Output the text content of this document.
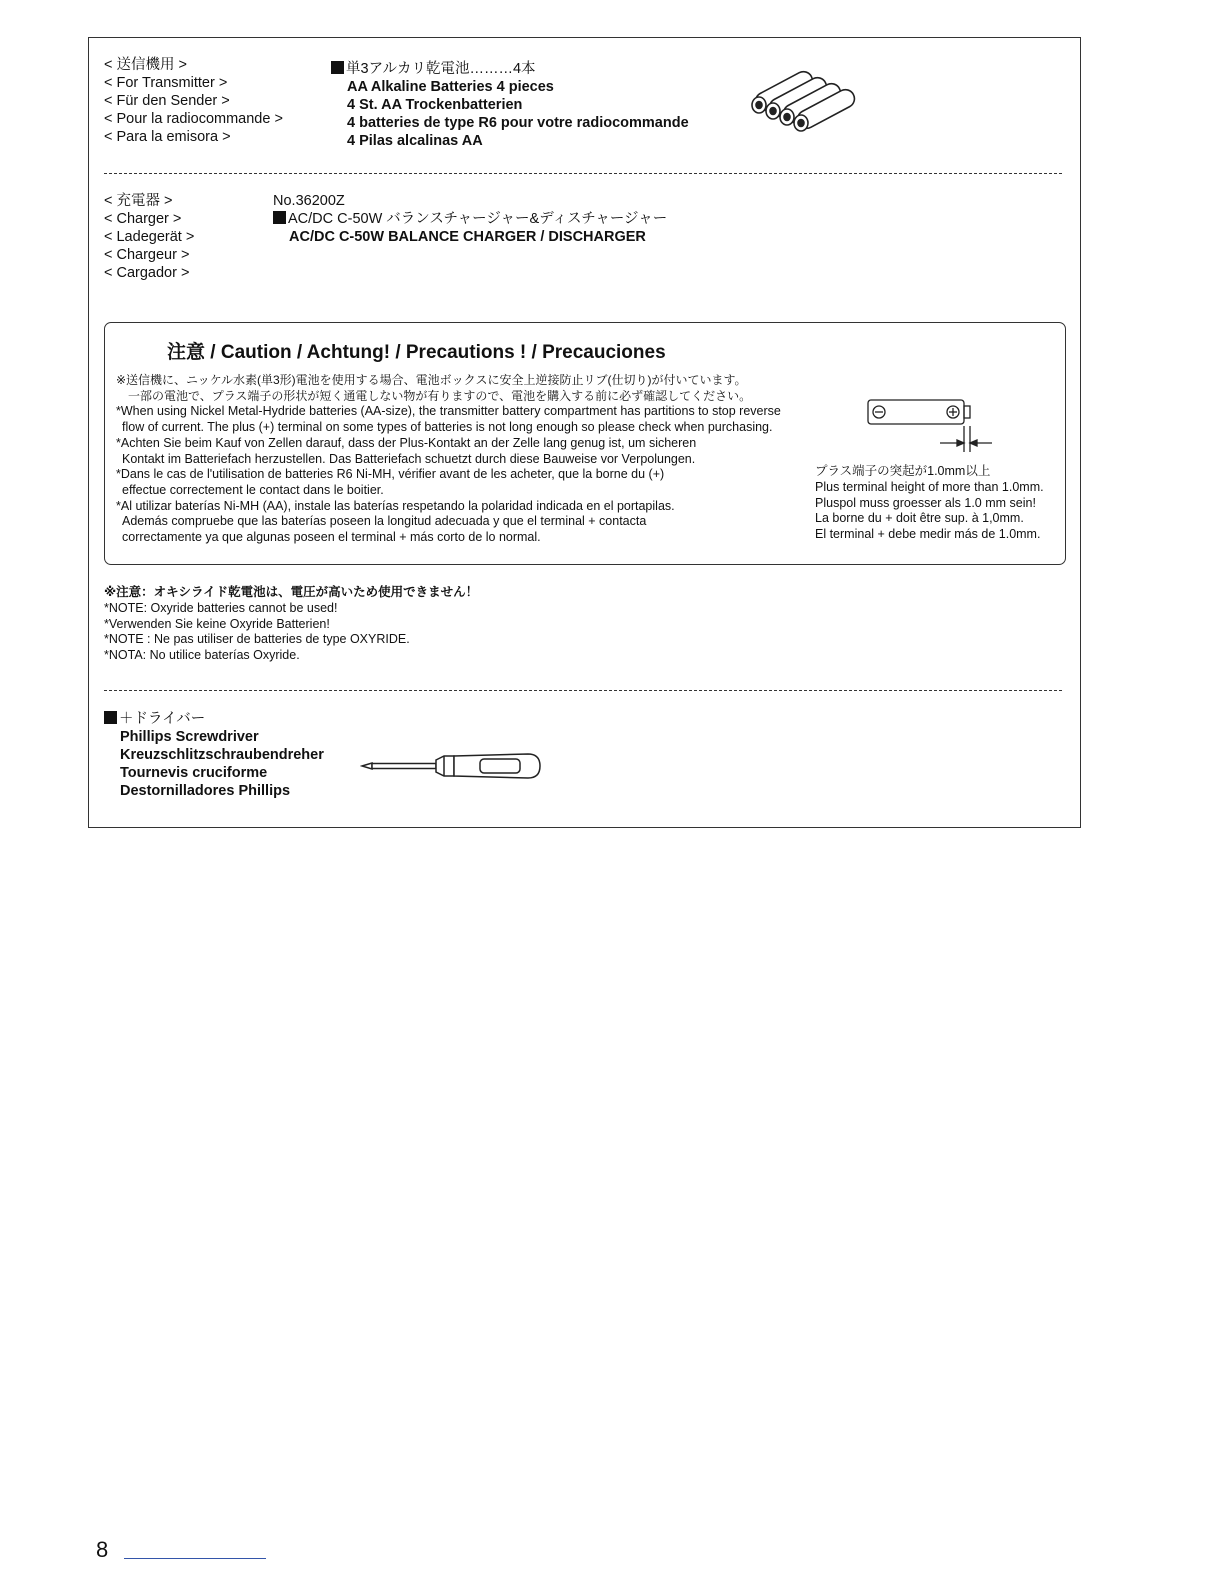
< 送信機用 >

< For Transmitter >

< Für den Sender >

< Pour la radiocommande >

< Para la emisora >

単3アルカリ乾電池………4本

AA Alkaline Batteries 4 pieces

4 St. AA Trockenbatterien

4 batteries de type R6 pour votre radiocommande

4 Pilas alcalinas AA

< 充電器 >

< Charger >

< Ladegerät >

< Chargeur >

< Cargador >

No.36200Z

AC/DC C-50W バランスチャージャー&ディスチャージャー

AC/DC C-50W BALANCE CHARGER / DISCHARGER

注意 / Caution / Achtung! / Precautions ! / Precauciones

※送信機に、ニッケル水素(単3形)電池を使用する場合、電池ボックスに安全上逆接防止リブ(仕切り)が付いています。

　一部の電池で、プラス端子の形状が短く通電しない物が有りますので、電池を購入する前に必ず確認してください。

*When using Nickel Metal-Hydride batteries (AA-size), the transmitter battery compartment has partitions to stop reverse

flow of current. The plus (+) terminal on some types of batteries is not long enough so please check when purchasing.

*Achten Sie beim Kauf von Zellen darauf, dass der Plus-Kontakt an der Zelle lang genug ist, um sicheren

Kontakt im Batteriefach herzustellen. Das Batteriefach schuetzt durch diese Bauweise vor Verpolungen.

*Dans le cas de l'utilisation de batteries R6 Ni-MH, vérifier avant de les acheter, que la borne du (+)

effectue correctement le contact dans le boitier.

*Al utilizar baterías Ni-MH (AA), instale las baterías respetando la polaridad indicada en el portapilas.

Además compruebe que las baterías poseen la longitud adecuada y que el terminal + contacta

correctamente ya que algunas poseen el terminal + más corto de lo normal.

プラス端子の突起が1.0mm以上

Plus terminal height of more than 1.0mm.

Pluspol muss groesser als 1.0 mm sein!

La borne du + doit être sup. à 1,0mm.

El terminal + debe medir más de 1.0mm.

※注意：オキシライド乾電池は、電圧が高いため使用できません！

*NOTE: Oxyride batteries cannot be used!

*Verwenden Sie keine Oxyride Batterien!

*NOTE : Ne pas utiliser de batteries de type OXYRIDE.

*NOTA: No utilice baterías Oxyride.

＋ドライバー

Phillips Screwdriver

Kreuzschlitzschraubendreher

Tournevis cruciforme

Destornilladores Phillips

8
